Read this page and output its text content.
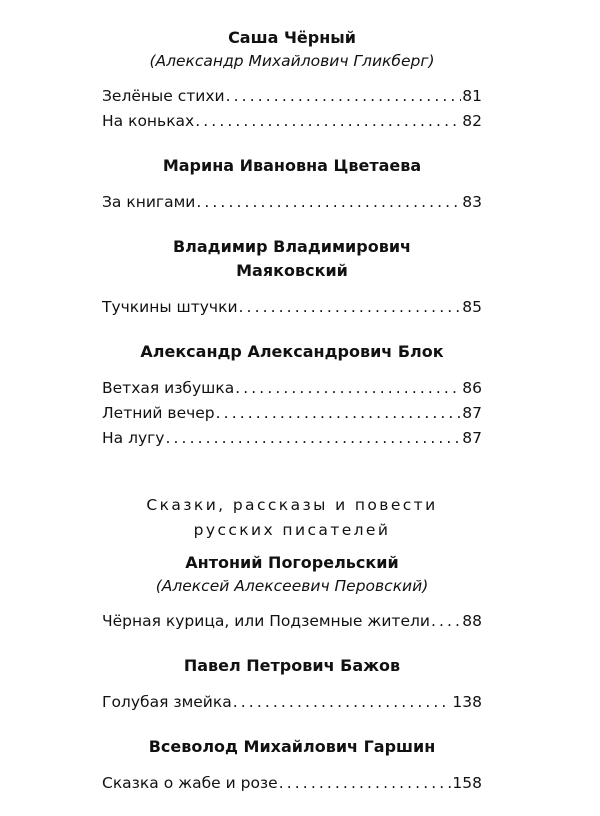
Саша Чёрный
(Александр Михайлович Гликберг)
Зелёные стихи .....	81
На коньках .....	82
Марина Ивановна Цветаева
За книгами .....	83
Владимир Владимирович
Маяковский
Тучкины штучки .....	85
Александр Александрович Блок
Ветхая избушка .....	86
Летний вечер .....	87
На лугу .....	87
Сказки, рассказы и повести
русских писателей
Антоний Погорельский
(Алексей Алексеевич Перовский)
Чёрная курица, или Подземные жители ..... 88
Павел Петрович Бажов
Голубая змейка .....	138
Всеволод Михайлович Гаршин
Сказка о жабе и розе .....	158
